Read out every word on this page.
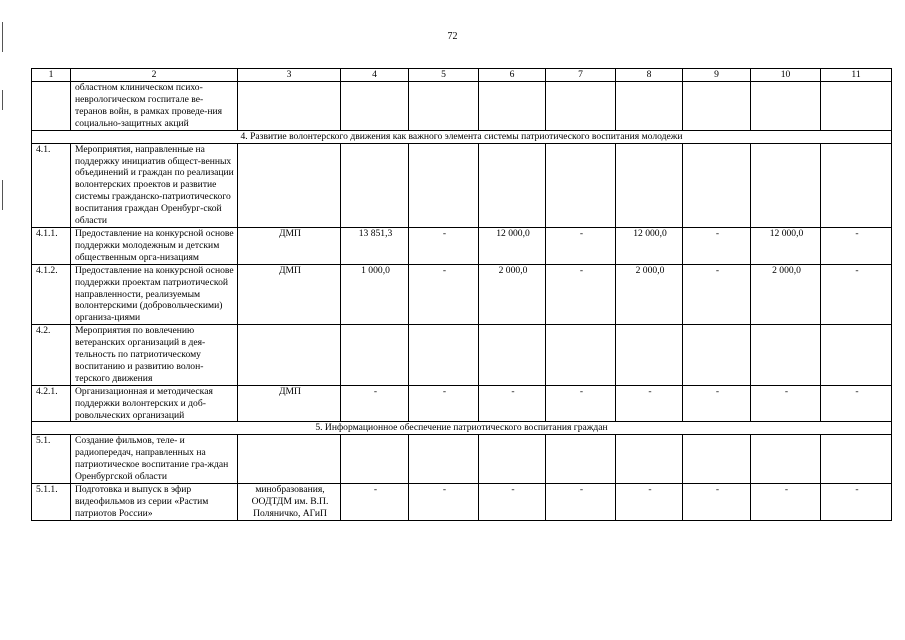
72
1	2	3	4	5	6	7	8	9	10	11
	областном клиническом психо-неврологическом госпитале ве-теранов войн, в рамках проведе-ния социально-защитных акций									
4. Развитие волонтерского движения как важного элемента системы патриотического воспитания молодежи										
4.1.	Мероприятия, направленные на поддержку инициатив общест-венных объединений и граждан по реализации волонтерских проектов и развитие системы гражданско-патриотического воспитания граждан Оренбург-ской области									
4.1.1.	Предоставление на конкурсной основе поддержки молодежным и детским общественным орга-низациям	ДМП	13 851,3	-	12 000,0	-	12 000,0	-	12 000,0	-
4.1.2.	Предоставление на конкурсной основе поддержки проектам патриотической направленности, реализуемым волонтерскими (добровольческими) организа-циями	ДМП	1 000,0	-	2 000,0	-	2 000,0	-	2 000,0	-
4.2.	Мероприятия по вовлечению ветеранских организаций в дея-тельность по патриотическому воспитанию и развитию волон-терского движения									
4.2.1.	Организационная и методическая поддержки волонтерских и доб-ровольческих организаций	ДМП	-	-	-	-	-	-	-	-
5. Информационное обеспечение патриотического воспитания граждан										
5.1.	Создание фильмов, теле- и радиопередач, направленных на патриотическое воспитание гра-ждан Оренбургской области									
5.1.1.	Подготовка и выпуск в эфир видеофильмов из серии «Растим патриотов России»	минобразования, ООДТДМ им. В.П. Поляничко, АГиП	-	-	-	-	-	-	-	-
